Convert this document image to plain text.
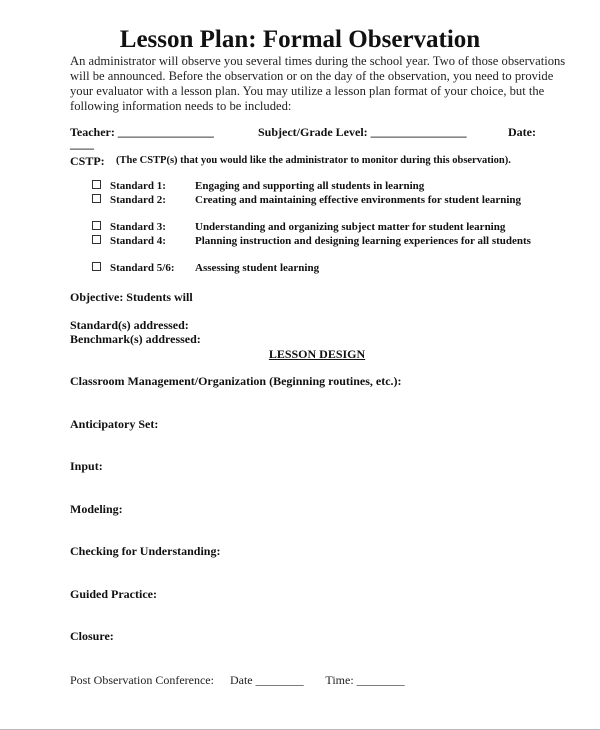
Lesson Plan: Formal Observation
An administrator will observe you several times during the school year. Two of those observations will be announced. Before the observation or on the day of the observation, you need to provide your evaluator with a lesson plan. You may utilize a lesson plan format of your choice, but the following information needs to be included:
Teacher: ________________	Subject/Grade Level: ________________	Date:
____
CSTP: (The CSTP(s) that you would like the administrator to monitor during this observation).
Standard 1:	Engaging and supporting all students in learning
Standard 2:	Creating and maintaining effective environments for student learning
Standard 3:	Understanding and organizing subject matter for student learning
Standard 4:	Planning instruction and designing learning experiences for all students
Standard 5/6: Assessing student learning
Objective: Students will
Standard(s) addressed:
Benchmark(s) addressed:
LESSON DESIGN
Classroom Management/Organization (Beginning routines, etc.):
Anticipatory Set:
Input:
Modeling:
Checking for Understanding:
Guided Practice:
Closure:
Post Observation Conference: Date ________ Time: ________
